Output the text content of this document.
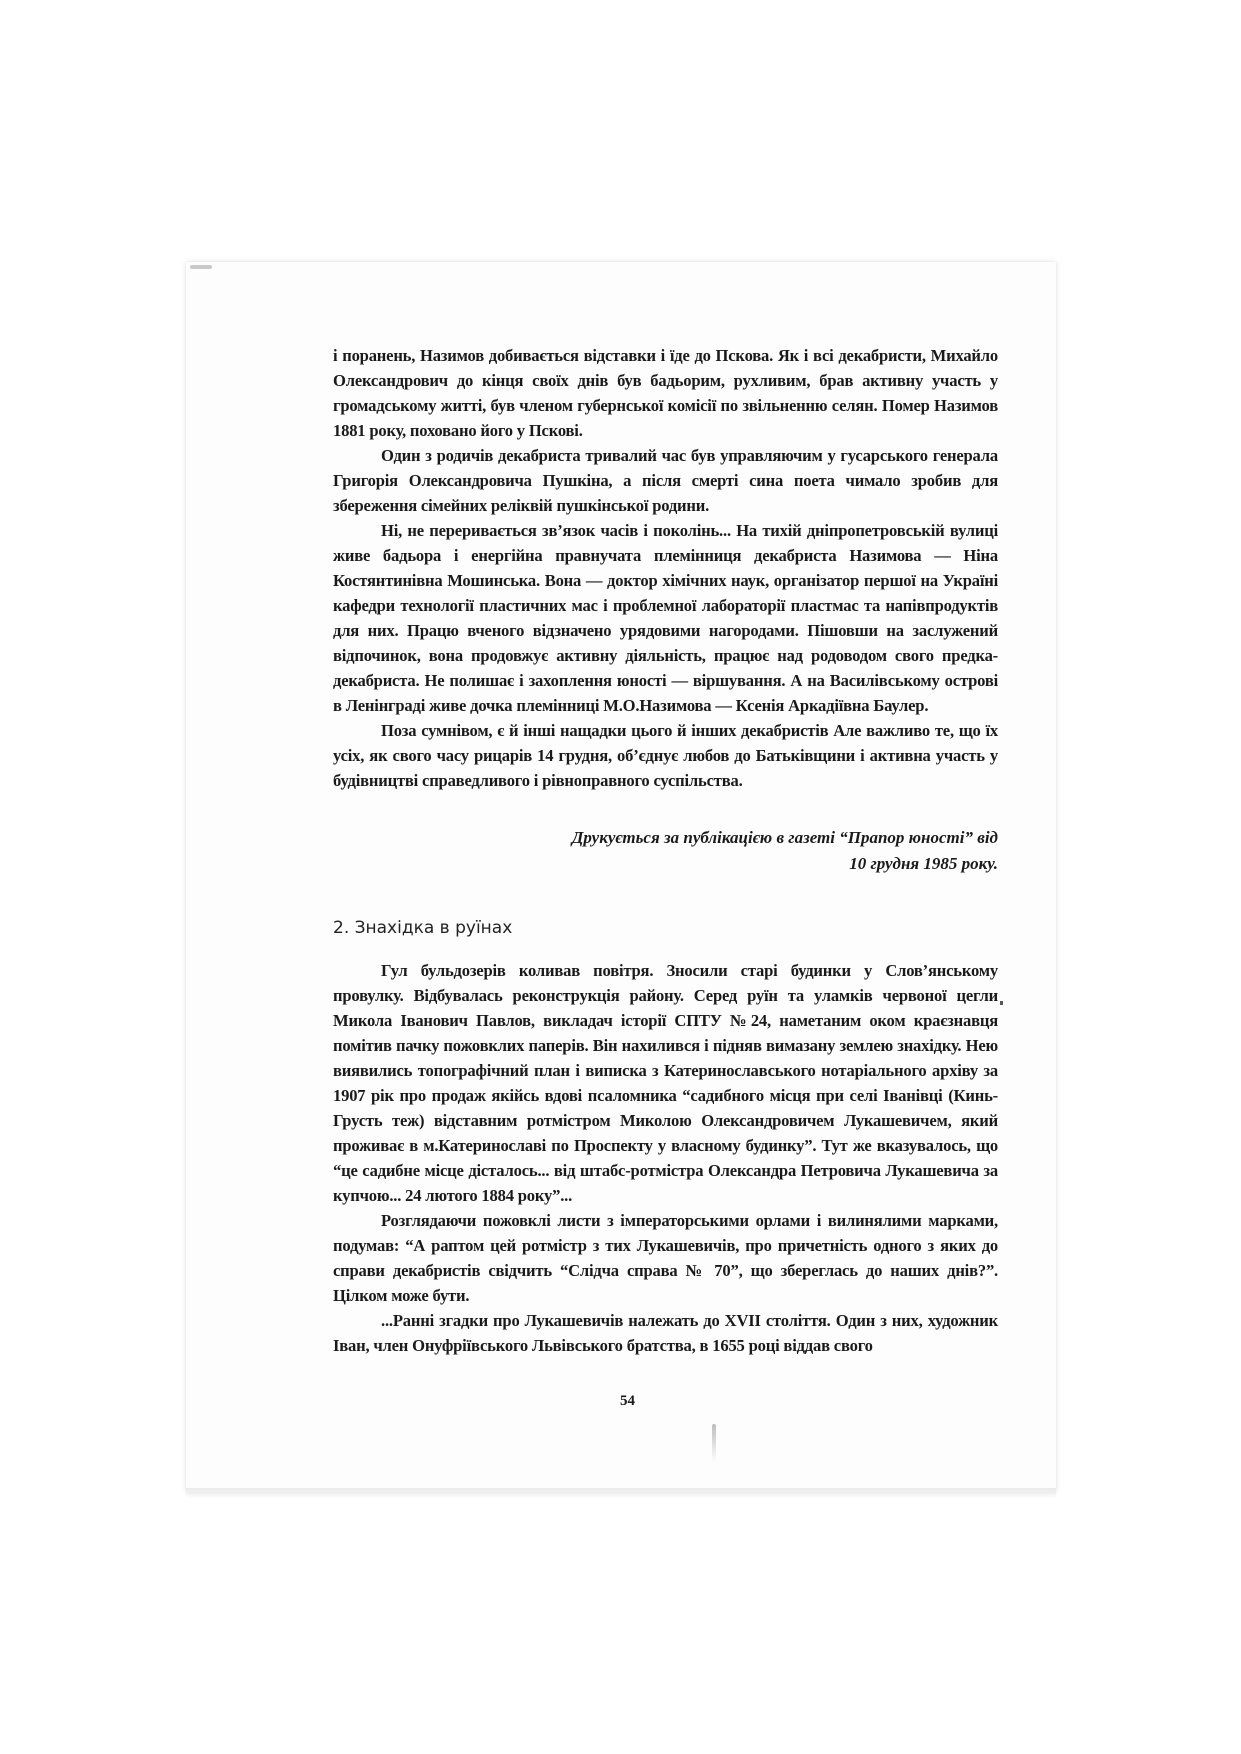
і поранень, Назимов добивається відставки і їде до Пскова. Як і всі декабристи, Михайло Олександрович до кінця своїх днів був бадьорим, рухливим, брав активну участь у громадському житті, був членом губернської комісії по звільненню селян. Помер Назимов 1881 року, поховано його у Пскові.

Один з родичів декабриста тривалий час був управляючим у гусарського генерала Григорія Олександровича Пушкіна, а після смерті сина поета чимало зробив для збереження сімейних реліквій пушкінської родини.

Ні, не переривається зв’язок часів і поколінь... На тихій дніпропетровській вулиці живе бадьора і енергійна правнучата племінниця декабриста Назимова — Ніна Костянтинівна Мошинська. Вона — доктор хімічних наук, організатор першої на Україні кафедри технології пластичних мас і проблемної лабораторії пластмас та напівпродуктів для них. Працю вченого відзначено урядовими нагородами. Пішовши на заслужений відпочинок, вона продовжує активну діяльність, працює над родоводом свого предка-декабриста. Не полишає і захоплення юності — віршування. А на Василівському острові в Ленінграді живе дочка племінниці М.О.Назимова — Ксенія Аркадіївна Баулер.

Поза сумнівом, є й інші нащадки цього й інших декабристів Але важливо те, що їх усіх, як свого часу рицарів 14 грудня, об’єднує любов до Батьківщини і активна участь у будівництві справедливого і рівноправного суспільства.

Друкується за публікацією в газеті “Прапор юності” від 10 грудня 1985 року.
2. Знахідка в руїнах

Гул бульдозерів коливав повітря. Зносили старі будинки у Слов’янському провулку. Відбувалась реконструкція району. Серед руїн та уламків червоної цегли Микола Іванович Павлов, викладач історії СПТУ №24, наметаним оком краєзнавця помітив пачку пожовклих паперів. Він нахилився і підняв вимазану землею знахідку. Нею виявились топографічний план і виписка з Катеринославського нотаріального архіву за 1907 рік про продаж якійсь вдові псаломника “садибного місця при селі Іванівці (Кинь-Грусть теж) відставним ротмістром Миколою Олександровичем Лукашевичем, який проживає в м.Катеринославі по Проспекту у власному будинку”. Тут же вказувалось, що “це садибне місце дісталось... від штабс-ротмістра Олександра Петровича Лукашевича за купчою... 24 лютого 1884 року”...

Розглядаючи пожовклі листи з імператорськими орлами і вилинялими марками, подумав: “А раптом цей ротмістр з тих Лукашевичів, про причетність одного з яких до справи декабристів свідчить “Слідча справа № 70”, що збереглась до наших днів?”. Цілком може бути.

...Ранні згадки про Лукашевичів належать до XVII століття. Один з них, художник Іван, член Онуфріївського Львівського братства, в 1655 році віддав свого

54
